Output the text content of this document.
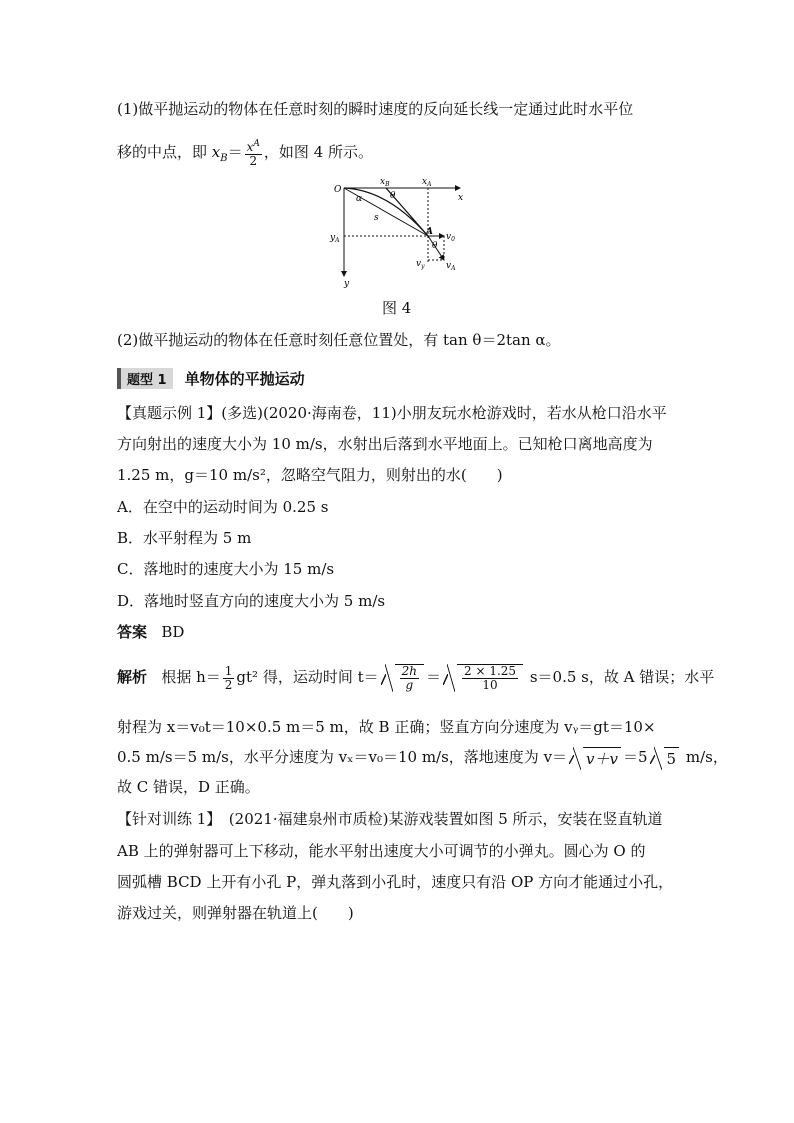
(1)做平抛运动的物体在任意时刻的瞬时速度的反向延长线一定通过此时水平位
移的中点，即 $x_B= \frac{x^A}{2}$ ，如图 4 所示。
O
$x_B$	$x_A$
x
y
$y_A$
α	θ
s
A
θ
$v_0$
$v_y$ $v_A$
图 4
(2)做平抛运动的物体在任意时刻任意位置处，有 tan θ＝2tan α。
题型 1	单物体的平抛运动
【真题示例 1】(多选)(2020·海南卷，11)小朋友玩水枪游戏时，若水从枪口沿水平
方向射出的速度大小为 10 m/s，水射出后落到水平地面上。已知枪口离地高度为
1.25 m，g＝10 m/s²，忽略空气阻力，则射出的水(　　)
A．在空中的运动时间为 0.25 s
B．水平射程为 5 m
C．落地时的速度大小为 15 m/s
D．落地时竖直方向的速度大小为 5 m/s
答案 BD
解析 根据 $h= \frac{1}{2} gt^2$ 得，运动时间 $t= \frac{2h}{g} = \frac{2 \times 1.25}{10} s=0.5$ s，故 A 错误；水平
射程为 x＝v₀t＝10×0.5 m＝5 m，故 B 正确；竖直方向分速度为 vᵧ＝gt＝10×
0.5 m/s＝5 m/s，水平分速度为 vₓ＝v₀＝10 m/s，落地速度为 v＝ v＋v ＝5 5 m/s，
故 C 错误，D 正确。
【针对训练 1】　(2021·福建泉州市质检)某游戏装置如图 5 所示，安装在竖直轨道
AB 上的弹射器可上下移动，能水平射出速度大小可调节的小弹丸。圆心为 O 的
圆弧槽 BCD 上开有小孔 P，弹丸落到小孔时，速度只有沿 OP 方向才能通过小孔，
游戏过关，则弹射器在轨道上(　　)
